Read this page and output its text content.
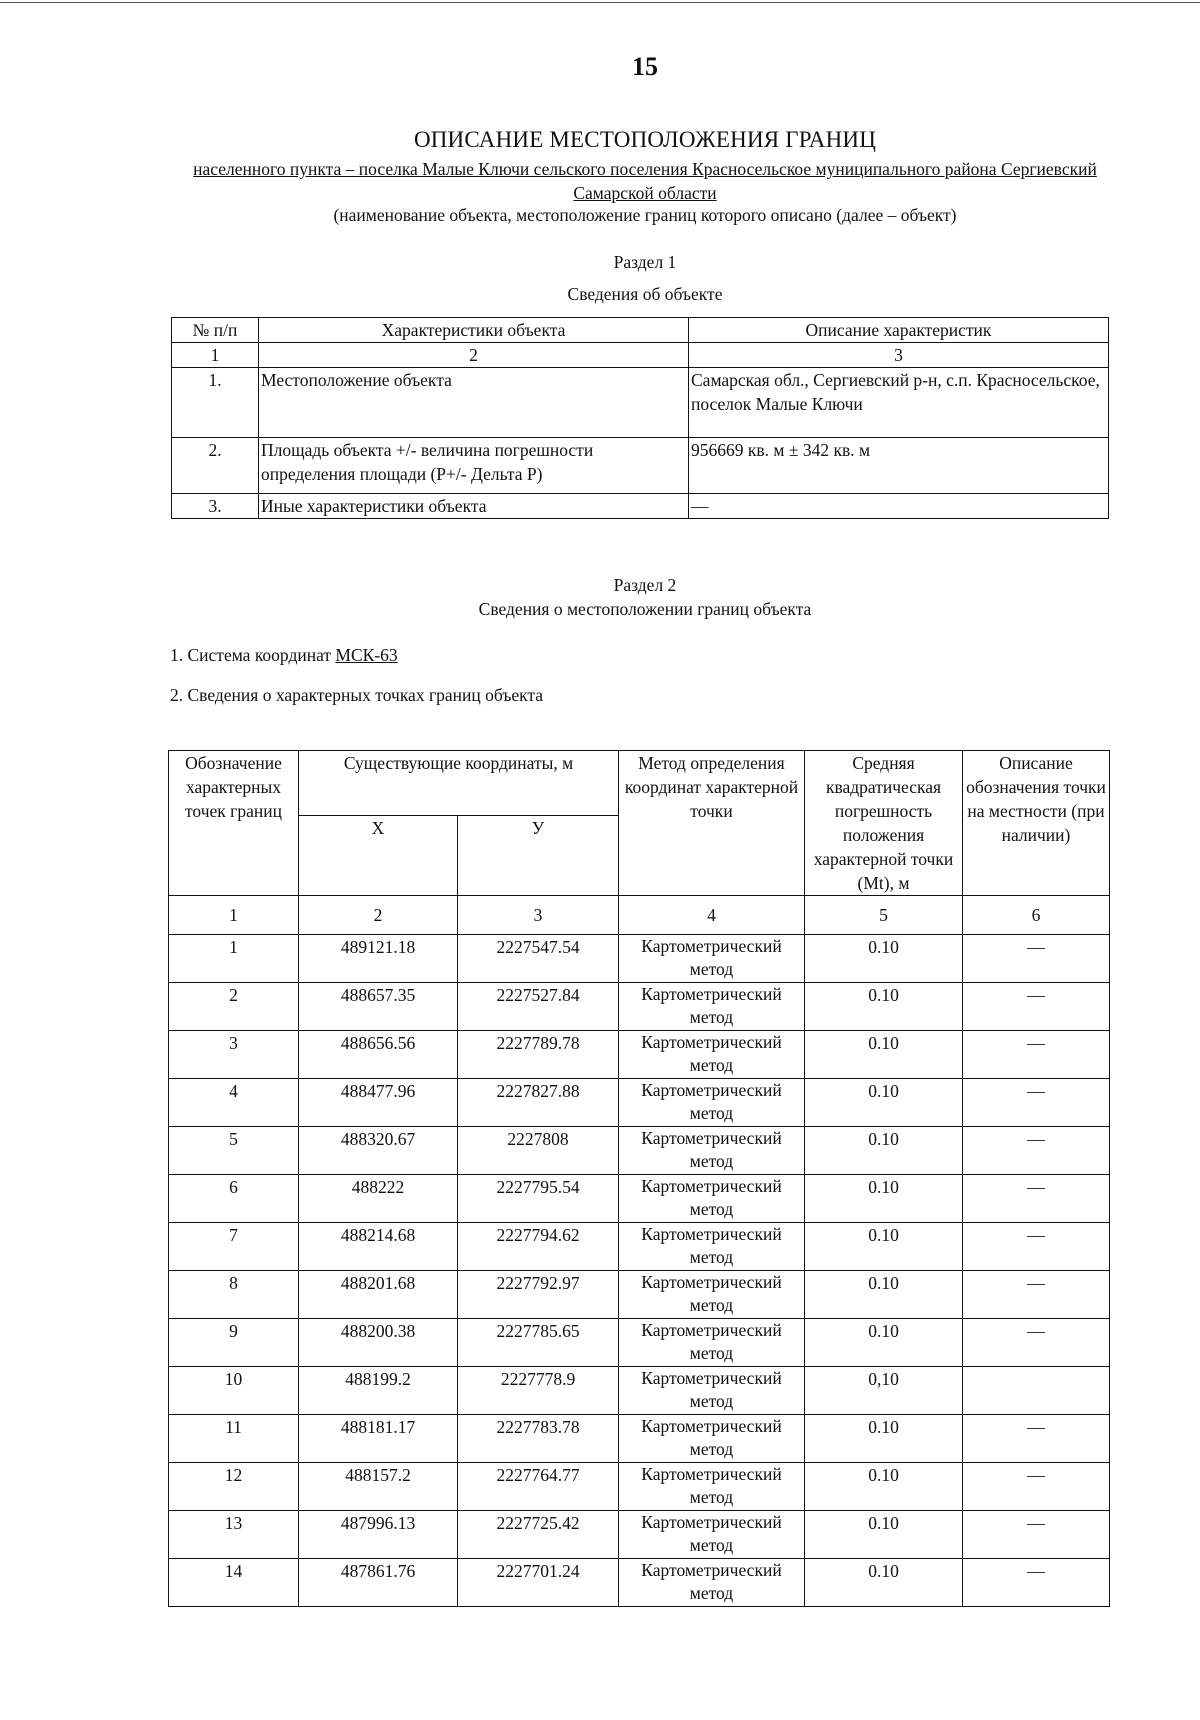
15
ОПИСАНИЕ МЕСТОПОЛОЖЕНИЯ ГРАНИЦ
населенного пункта – поселка Малые Ключи сельского поселения Красносельское муниципального района Сергиевский Самарской области
(наименование объекта, местоположение границ которого описано (далее – объект)
Раздел 1
Сведения об объекте
№ п/п	Характеристики объекта	Описание характеристик
1	2	3
1.	Местоположение объекта	Самарская обл., Сергиевский р-н, с.п. Красносельское, поселок Малые Ключи
2.	Площадь объекта +/- величина погрешности определения площади (Р+/- Дельта Р)	956669 кв. м ± 342 кв. м
3.	Иные характеристики объекта	—
Раздел 2
Сведения о местоположении границ объекта
1. Система координат МСК-63
2. Сведения о характерных точках границ объекта
Обозначение характерных точек границ	Существующие координаты, м		Метод определения координат характерной точки	Средняя квадратическая погрешность положения характерной точки (Mt), м	Описание обозначения точки на местности (при наличии)
	X	У			
1	2	3	4	5	6
1	489121.18	2227547.54	Картометрический метод	0.10	—
2	488657.35	2227527.84	Картометрический метод	0.10	—
3	488656.56	2227789.78	Картометрический метод	0.10	—
4	488477.96	2227827.88	Картометрический метод	0.10	—
5	488320.67	2227808	Картометрический метод	0.10	—
6	488222	2227795.54	Картометрический метод	0.10	—
7	488214.68	2227794.62	Картометрический метод	0.10	—
8	488201.68	2227792.97	Картометрический метод	0.10	—
9	488200.38	2227785.65	Картометрический метод	0.10	—
10	488199.2	2227778.9	Картометрический метод	0,10	
11	488181.17	2227783.78	Картометрический метод	0.10	—
12	488157.2	2227764.77	Картометрический метод	0.10	—
13	487996.13	2227725.42	Картометрический метод	0.10	—
14	487861.76	2227701.24	Картометрический метод	0.10	—
